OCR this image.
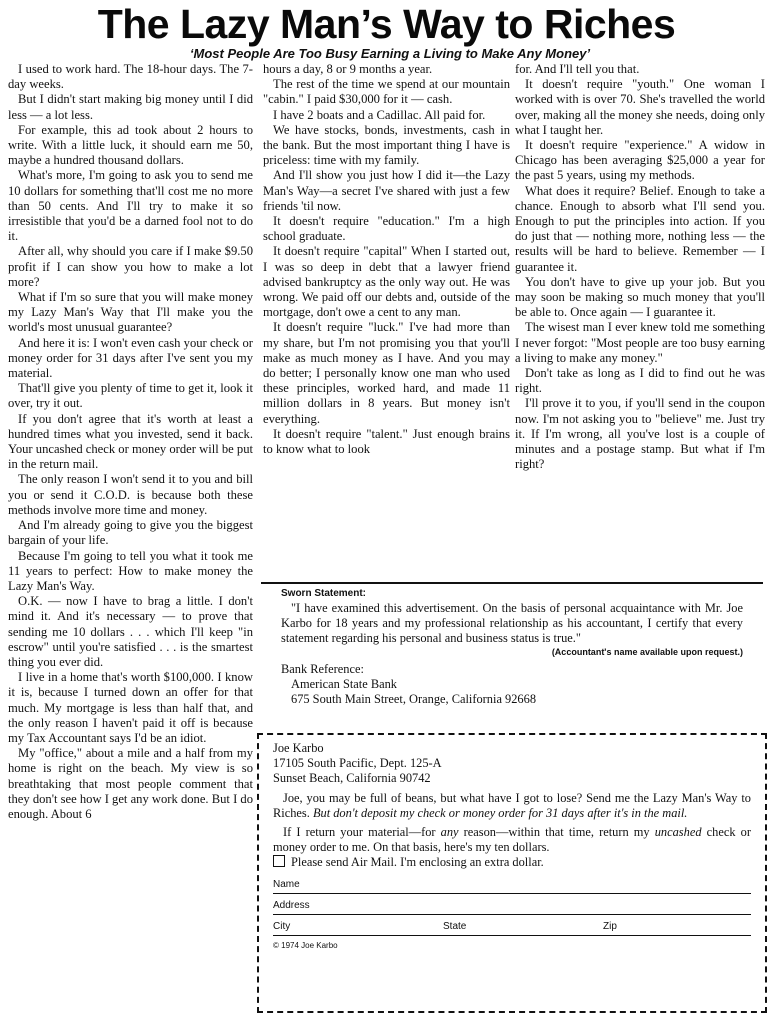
The Lazy Man’s Way to Riches
‘Most People Are Too Busy Earning a Living to Make Any Money’

I used to work hard. The 18-hour days. The 7-day weeks.

But I didn't start making big money until I did less — a lot less.

For example, this ad took about 2 hours to write. With a little luck, it should earn me 50, maybe a hundred thousand dollars.

What's more, I'm going to ask you to send me 10 dollars for something that'll cost me no more than 50 cents. And I'll try to make it so irresistible that you'd be a darned fool not to do it.

After all, why should you care if I make $9.50 profit if I can show you how to make a lot more?

What if I'm so sure that you will make money my Lazy Man's Way that I'll make you the world's most unusual guarantee?

And here it is: I won't even cash your check or money order for 31 days after I've sent you my material.

That'll give you plenty of time to get it, look it over, try it out.

If you don't agree that it's worth at least a hundred times what you invested, send it back. Your uncashed check or money order will be put in the return mail.

The only reason I won't send it to you and bill you or send it C.O.D. is because both these methods involve more time and money.

And I'm already going to give you the biggest bargain of your life.

Because I'm going to tell you what it took me 11 years to perfect: How to make money the Lazy Man's Way.

O.K. — now I have to brag a little. I don't mind it. And it's necessary — to prove that sending me 10 dollars . . . which I'll keep "in escrow" until you're satisfied . . . is the smartest thing you ever did.

I live in a home that's worth $100,000. I know it is, because I turned down an offer for that much. My mortgage is less than half that, and the only reason I haven't paid it off is because my Tax Accountant says I'd be an idiot.

My "office," about a mile and a half from my home is right on the beach. My view is so breathtaking that most people comment that they don't see how I get any work done. But I do enough. About 6

hours a day, 8 or 9 months a year.

The rest of the time we spend at our mountain "cabin." I paid $30,000 for it — cash.

I have 2 boats and a Cadillac. All paid for.

We have stocks, bonds, investments, cash in the bank. But the most important thing I have is priceless: time with my family.

And I'll show you just how I did it—the Lazy Man's Way—a secret I've shared with just a few friends 'til now.

It doesn't require "education." I'm a high school graduate.

It doesn't require "capital" When I started out, I was so deep in debt that a lawyer friend advised bankruptcy as the only way out. He was wrong. We paid off our debts and, outside of the mortgage, don't owe a cent to any man.

It doesn't require "luck." I've had more than my share, but I'm not promising you that you'll make as much money as I have. And you may do better; I personally know one man who used these principles, worked hard, and made 11 million dollars in 8 years. But money isn't everything.

It doesn't require "talent." Just enough brains to know what to look

for. And I'll tell you that.

It doesn't require "youth." One woman I worked with is over 70. She's travelled the world over, making all the money she needs, doing only what I taught her.

It doesn't require "experience." A widow in Chicago has been averaging $25,000 a year for the past 5 years, using my methods.

What does it require? Belief. Enough to take a chance. Enough to absorb what I'll send you. Enough to put the principles into action. If you do just that — nothing more, nothing less — the results will be hard to believe. Remember — I guarantee it.

You don't have to give up your job. But you may soon be making so much money that you'll be able to. Once again — I guarantee it.

The wisest man I ever knew told me something I never forgot: "Most people are too busy earning a living to make any money."

Don't take as long as I did to find out he was right.

I'll prove it to you, if you'll send in the coupon now. I'm not asking you to "believe" me. Just try it. If I'm wrong, all you've lost is a couple of minutes and a postage stamp. But what if I'm right?

Sworn Statement:
"I have examined this advertisement. On the basis of personal acquaintance with Mr. Joe Karbo for 18 years and my professional relationship as his accountant, I certify that every statement regarding his personal and business status is true."
(Accountant's name available upon request.)
Bank Reference:
American State Bank
675 South Main Street, Orange, California 92668

Joe Karbo

17105 South Pacific, Dept. 125-A

Sunset Beach, California 90742

Joe, you may be full of beans, but what have I got to lose? Send me the Lazy Man's Way to Riches. But don't deposit my check or money order for 31 days after it's in the mail.

If I return your material—for any reason—within that time, return my uncashed check or money order to me. On that basis, here's my ten dollars.

Please send Air Mail. I'm enclosing an extra dollar.

Name
Address
City	State	Zip
© 1974 Joe Karbo
